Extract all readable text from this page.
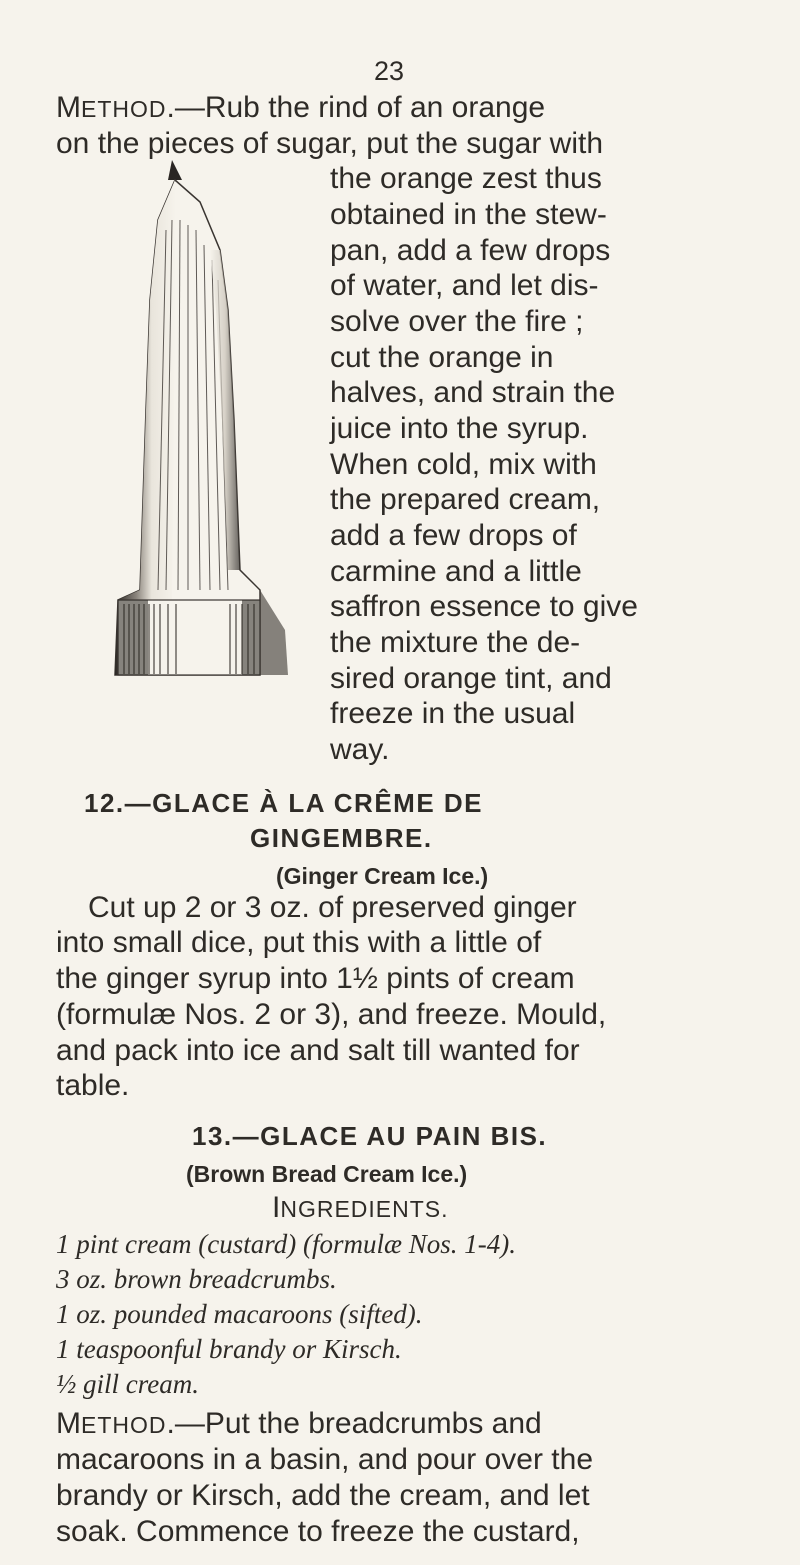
23
METHOD.—Rub the rind of an orange
on the pieces of sugar, put the sugar with
the orange zest thus
obtained in the stew-
pan, add a few drops
of water, and let dis-
solve over the fire ;
cut the orange in
halves, and strain the
juice into the syrup.
When cold, mix with
the prepared cream,
add a few drops of
carmine and a little
saffron essence to give
the mixture the de-
sired orange tint, and
freeze in the usual
way.
12.—GLACE À LA CRÊME DE
GINGEMBRE.
(Ginger Cream Ice.)
Cut up 2 or 3 oz. of preserved ginger
into small dice, put this with a little of
the ginger syrup into 1½ pints of cream
(formulæ Nos. 2 or 3), and freeze. Mould,
and pack into ice and salt till wanted for
table.
13.—GLACE AU PAIN BIS.
(Brown Bread Cream Ice.)
INGREDIENTS.
1 pint cream (custard) (formulæ Nos. 1-4).
3 oz. brown breadcrumbs.
1 oz. pounded macaroons (sifted).
1 teaspoonful brandy or Kirsch.
½ gill cream.
METHOD.—Put the breadcrumbs and
macaroons in a basin, and pour over the
brandy or Kirsch, add the cream, and let
soak. Commence to freeze the custard,
